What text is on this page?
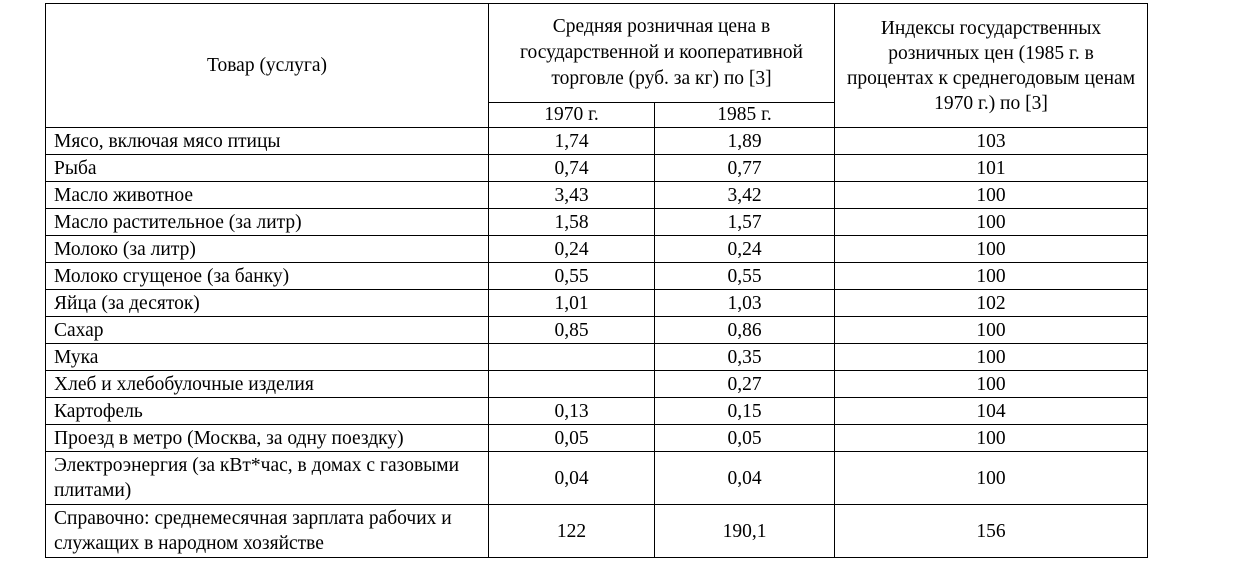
Товар (услуга)	Средняя розничная цена в государственной и кооперативной торговле (руб. за кг) по [3]		Индексы государственных розничных цен (1985 г. в процентах к среднегодовым ценам 1970 г.) по [3]
	1970 г.	1985 г.	
Мясо, включая мясо птицы	1,74	1,89	103
Рыба	0,74	0,77	101
Масло животное	3,43	3,42	100
Масло растительное (за литр)	1,58	1,57	100
Молоко (за литр)	0,24	0,24	100
Молоко сгущеное (за банку)	0,55	0,55	100
Яйца (за десяток)	1,01	1,03	102
Сахар	0,85	0,86	100
Мука		0,35	100
Хлеб и хлебобулочные изделия		0,27	100
Картофель	0,13	0,15	104
Проезд в метро (Москва, за одну поездку)	0,05	0,05	100
Электроэнергия (за кВт*час, в домах с газовыми плитами)	0,04	0,04	100
Справочно: среднемесячная зарплата рабочих и служащих в народном хозяйстве	122	190,1	156
